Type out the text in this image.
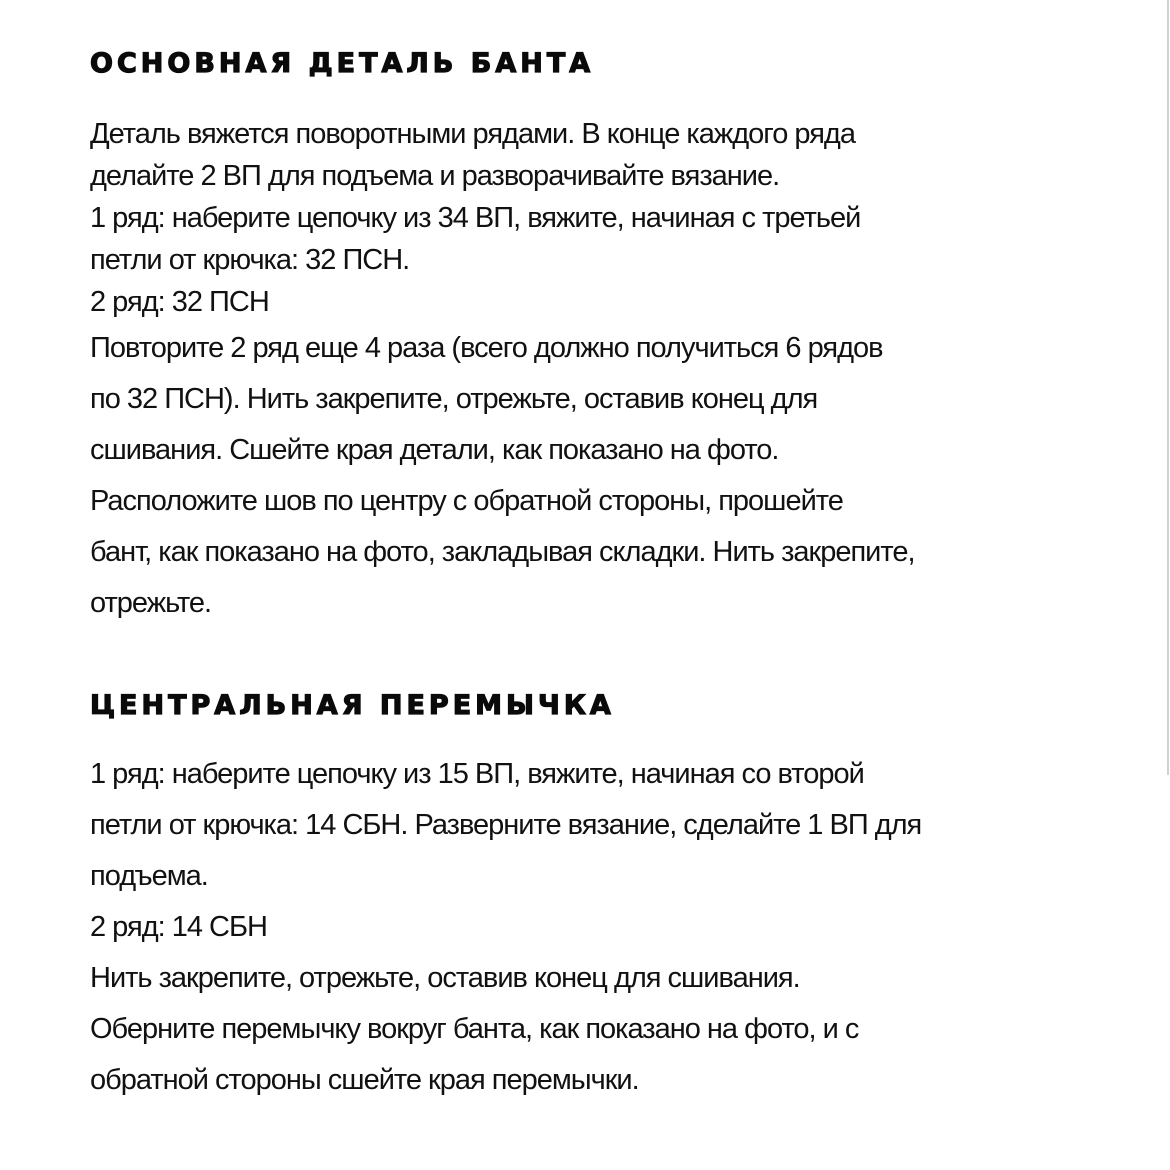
ОСНОВНАЯ ДЕТАЛЬ БАНТА
Деталь вяжется поворотными рядами. В конце каждого ряда
делайте 2 ВП для подъема и разворачивайте вязание.
1 ряд: наберите цепочку из 34 ВП, вяжите, начиная с третьей
петли от крючка: 32 ПСН.
2 ряд: 32 ПСН
Повторите 2 ряд еще 4 раза (всего должно получиться 6 рядов
по 32 ПСН). Нить закрепите, отрежьте, оставив конец для
сшивания. Сшейте края детали, как показано на фото.
Расположите шов по центру с обратной стороны, прошейте
бант, как показано на фото, закладывая складки. Нить закрепите,
отрежьте.
ЦЕНТРАЛЬНАЯ ПЕРЕМЫЧКА
1 ряд: наберите цепочку из 15 ВП, вяжите, начиная со второй
петли от крючка: 14 СБН. Разверните вязание, сделайте 1 ВП для
подъема.
2 ряд: 14 СБН
Нить закрепите, отрежьте, оставив конец для сшивания.
Оберните перемычку вокруг банта, как показано на фото, и с
обратной стороны сшейте края перемычки.
